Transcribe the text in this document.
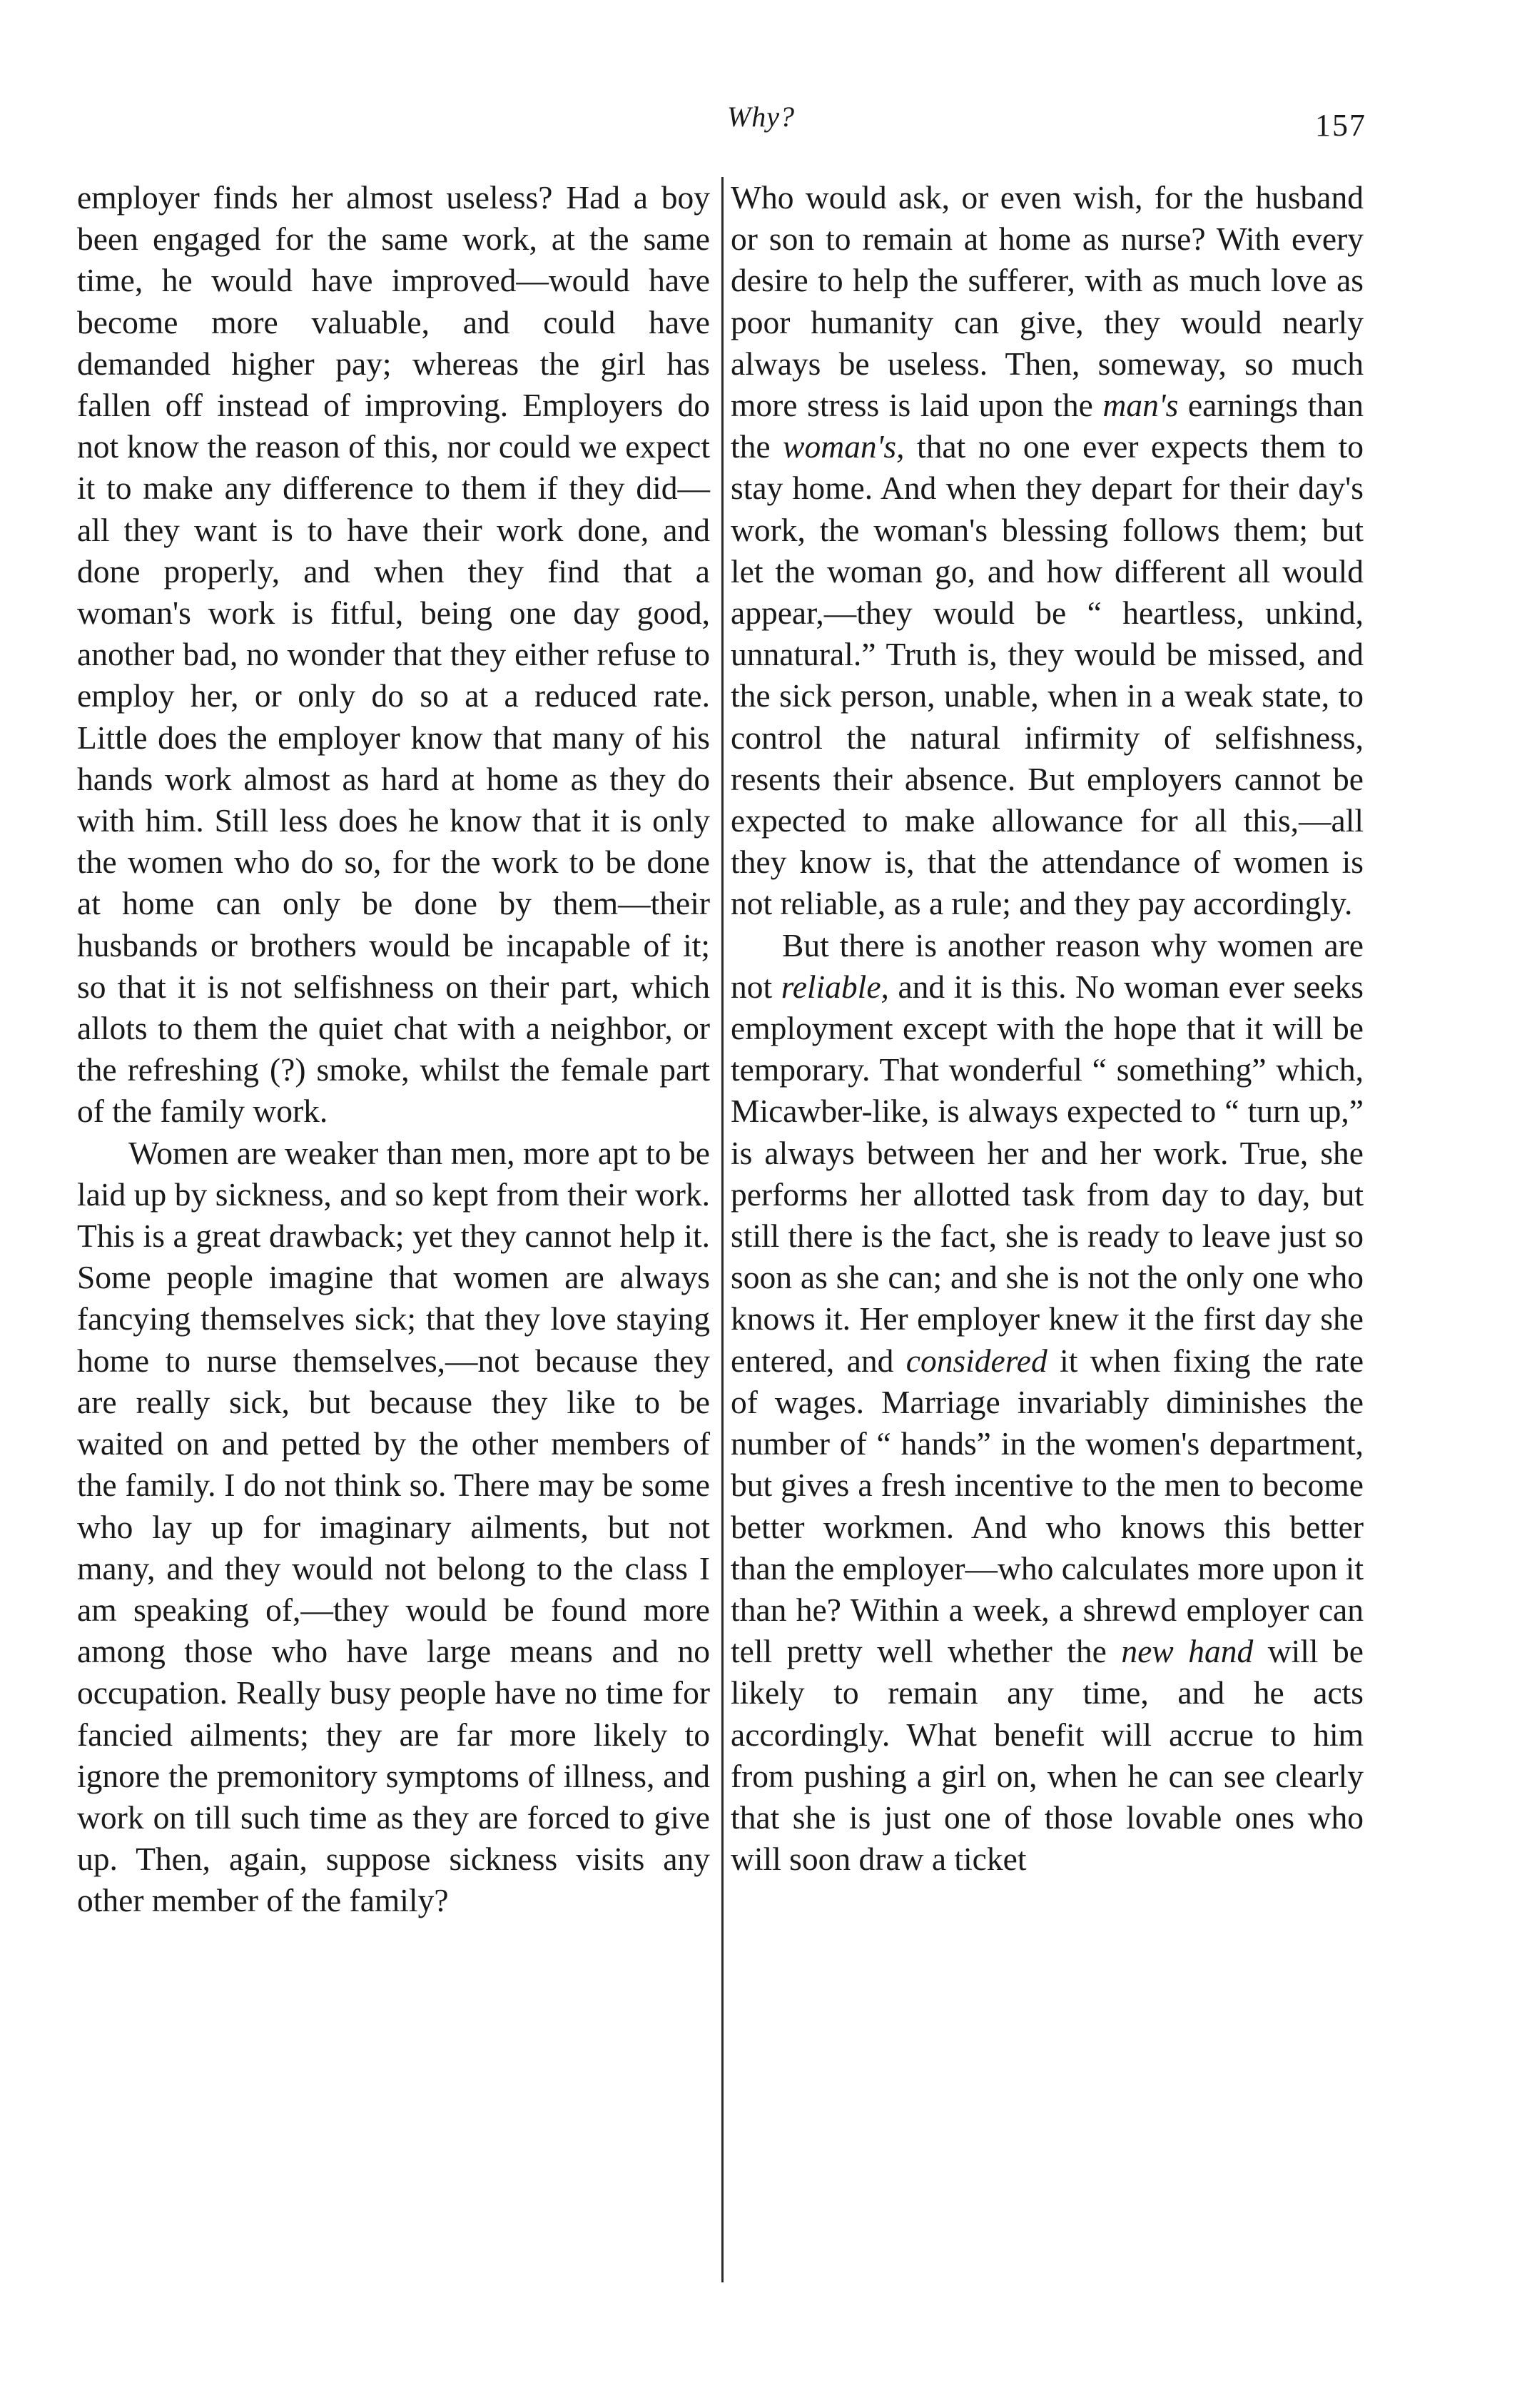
Why?	157

employer finds her almost useless? Had a boy been engaged for the same work, at the same time, he would have improved—would have become more valuable, and could have demanded higher pay; whereas the girl has fallen off instead of improving. Employers do not know the reason of this, nor could we expect it to make any difference to them if they did—all they want is to have their work done, and done properly, and when they find that a woman's work is fitful, being one day good, another bad, no wonder that they either refuse to employ her, or only do so at a reduced rate. Little does the employer know that many of his hands work almost as hard at home as they do with him. Still less does he know that it is only the women who do so, for the work to be done at home can only be done by them—their husbands or brothers would be incapable of it; so that it is not selfishness on their part, which allots to them the quiet chat with a neighbor, or the refreshing (?) smoke, whilst the female part of the family work.

Women are weaker than men, more apt to be laid up by sickness, and so kept from their work. This is a great drawback; yet they cannot help it. Some people imagine that women are always fancying themselves sick; that they love staying home to nurse themselves,—not because they are really sick, but because they like to be waited on and petted by the other members of the family. I do not think so. There may be some who lay up for imaginary ailments, but not many, and they would not belong to the class I am speaking of,—they would be found more among those who have large means and no occupation. Really busy people have no time for fancied ailments; they are far more likely to ignore the premonitory symptoms of illness, and work on till such time as they are forced to give up. Then, again, suppose sickness visits any other member of the family?

Who would ask, or even wish, for the husband or son to remain at home as nurse? With every desire to help the sufferer, with as much love as poor humanity can give, they would nearly always be useless. Then, someway, so much more stress is laid upon the man's earnings than the woman's, that no one ever expects them to stay home. And when they depart for their day's work, the woman's blessing follows them; but let the woman go, and how different all would appear,—they would be “ heartless, unkind, unnatural.” Truth is, they would be missed, and the sick person, unable, when in a weak state, to control the natural infirmity of selfishness, resents their absence. But employers cannot be expected to make allowance for all this,—all they know is, that the attendance of women is not reliable, as a rule; and they pay accordingly.

But there is another reason why women are not reliable, and it is this. No woman ever seeks employment except with the hope that it will be temporary. That wonderful “ something” which, Micawber-like, is always expected to “ turn up,” is always between her and her work. True, she performs her allotted task from day to day, but still there is the fact, she is ready to leave just so soon as she can; and she is not the only one who knows it. Her employer knew it the first day she entered, and considered it when fixing the rate of wages. Marriage invariably diminishes the number of “ hands” in the women's department, but gives a fresh incentive to the men to become better workmen. And who knows this better than the employer—who calculates more upon it than he? Within a week, a shrewd employer can tell pretty well whether the new hand will be likely to remain any time, and he acts accordingly. What benefit will accrue to him from pushing a girl on, when he can see clearly that she is just one of those lovable ones who will soon draw a ticket
